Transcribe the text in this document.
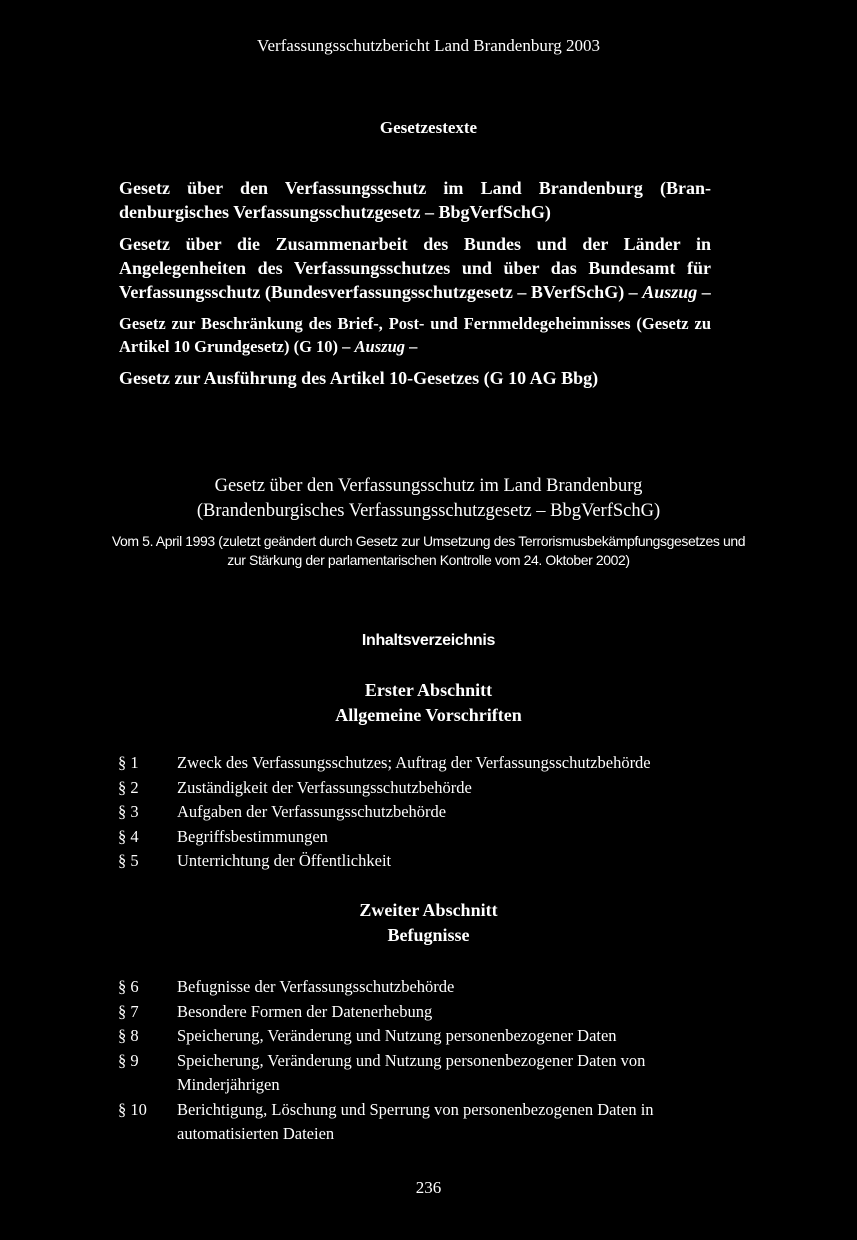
Verfassungsschutzbericht Land Brandenburg 2003
Gesetzestexte

Gesetz über den Verfassungsschutz im Land Brandenburg (Brandenburgisches Verfassungsschutzgesetz – BbgVerfSchG)

Gesetz über die Zusammenarbeit des Bundes und der Länder in Angelegenheiten des Verfassungsschutzes und über das Bundesamt für Verfassungsschutz (Bundesverfassungsschutzgesetz – BVerfSchG) – Auszug –

Gesetz zur Beschränkung des Brief-, Post- und Fernmeldegeheimnisses (Gesetz zu Artikel 10 Grundgesetz) (G 10) – Auszug –

Gesetz zur Ausführung des Artikel 10-Gesetzes (G 10 AG Bbg)

Gesetz über den Verfassungsschutz im Land Brandenburg
(Brandenburgisches Verfassungsschutzgesetz – BbgVerfSchG)
Vom 5. April 1993 (zuletzt geändert durch Gesetz zur Umsetzung des Terrorismusbekämpfungsgesetzes und zur Stärkung der parlamentarischen Kontrolle vom 24. Oktober 2002)
Inhaltsverzeichnis
Erster Abschnitt
Allgemeine Vorschriften
§ 1	Zweck des Verfassungsschutzes; Auftrag der Verfassungsschutzbehörde
§ 2	Zuständigkeit der Verfassungsschutzbehörde
§ 3	Aufgaben der Verfassungsschutzbehörde
§ 4	Begriffsbestimmungen
§ 5	Unterrichtung der Öffentlichkeit
Zweiter Abschnitt
Befugnisse
§ 6	Befugnisse der Verfassungsschutzbehörde
§ 7	Besondere Formen der Datenerhebung
§ 8	Speicherung, Veränderung und Nutzung personenbezogener Daten
§ 9	Speicherung, Veränderung und Nutzung personenbezogener Daten von Minderjährigen
§ 10	Berichtigung, Löschung und Sperrung von personenbezogenen Daten in automatisierten Dateien
236
